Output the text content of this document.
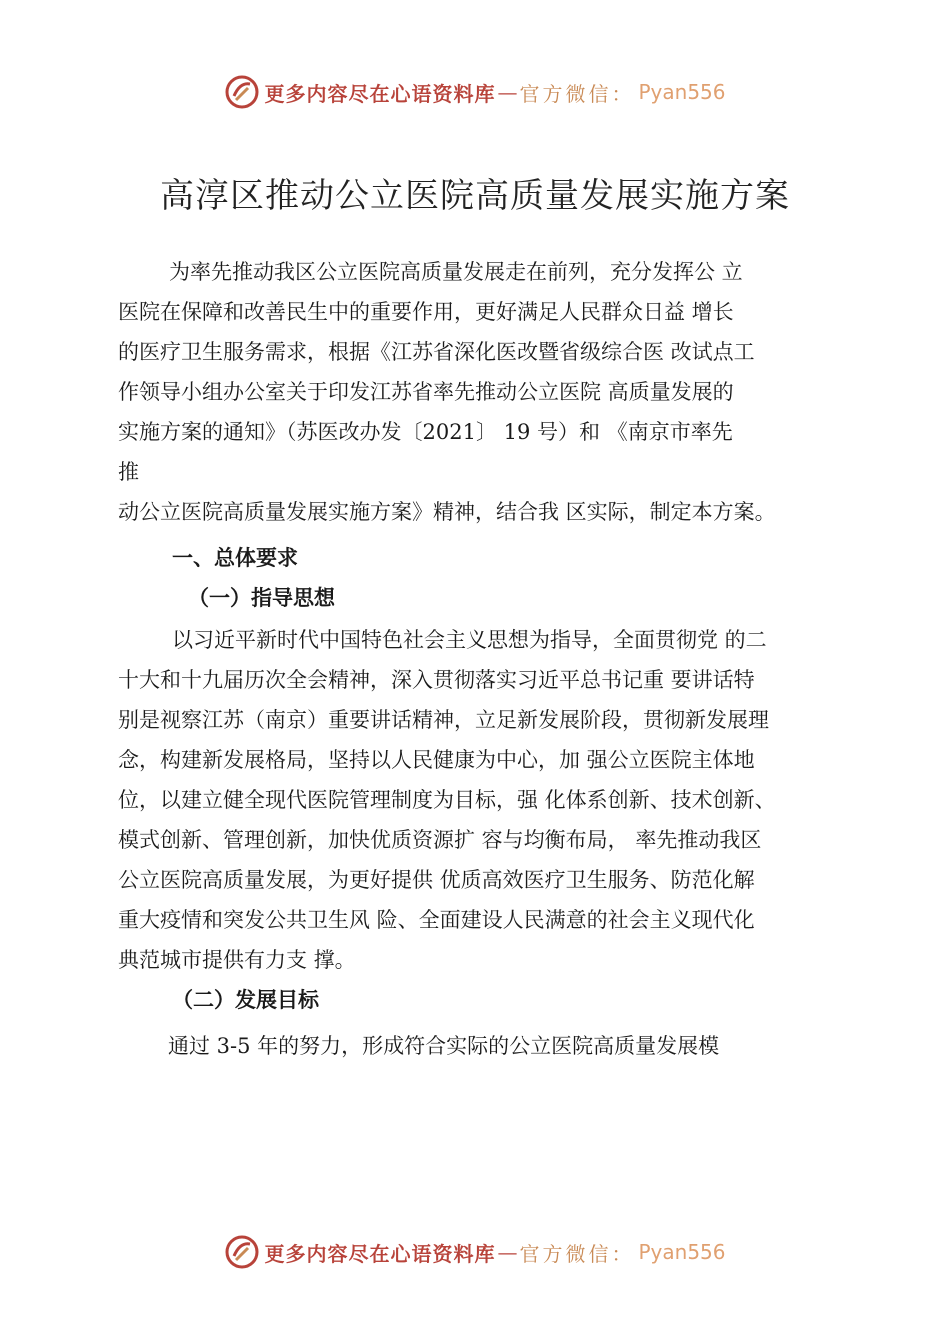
更多内容尽在心语资料库 — 官方微信： Pyan556
高淳区推动公立医院高质量发展实施方案
　为率先推动我区公立医院高质量发展走在前列，充分发挥公 立
医院在保障和改善民生中的重要作用，更好满足人民群众日益 增长
的医疗卫生服务需求，根据《江苏省深化医改暨省级综合医 改试点工
作领导小组办公室关于印发江苏省率先推动公立医院 高质量发展的
实施方案的通知》（苏医改办发〔2021〕 19 号）和 《南京市率先
推
动公立医院高质量发展实施方案》精神，结合我 区实际，制定本方案。
一、总体要求
（一）指导思想
以习近平新时代中国特色社会主义思想为指导，全面贯彻党 的二
十大和十九届历次全会精神，深入贯彻落实习近平总书记重 要讲话特
别是视察江苏（南京）重要讲话精神，立足新发展阶段，贯彻新发展理
念，构建新发展格局，坚持以人民健康为中心，加 强公立医院主体地
位，以建立健全现代医院管理制度为目标，强 化体系创新、技术创新、
模式创新、管理创新，加快优质资源扩 容与均衡布局， 率先推动我区
公立医院高质量发展，为更好提供 优质高效医疗卫生服务、防范化解
重大疫情和突发公共卫生风 险、全面建设人民满意的社会主义现代化
典范城市提供有力支 撑。
（二）发展目标
通过 3-5 年的努力，形成符合实际的公立医院高质量发展模
更多内容尽在心语资料库 — 官方微信： Pyan556
